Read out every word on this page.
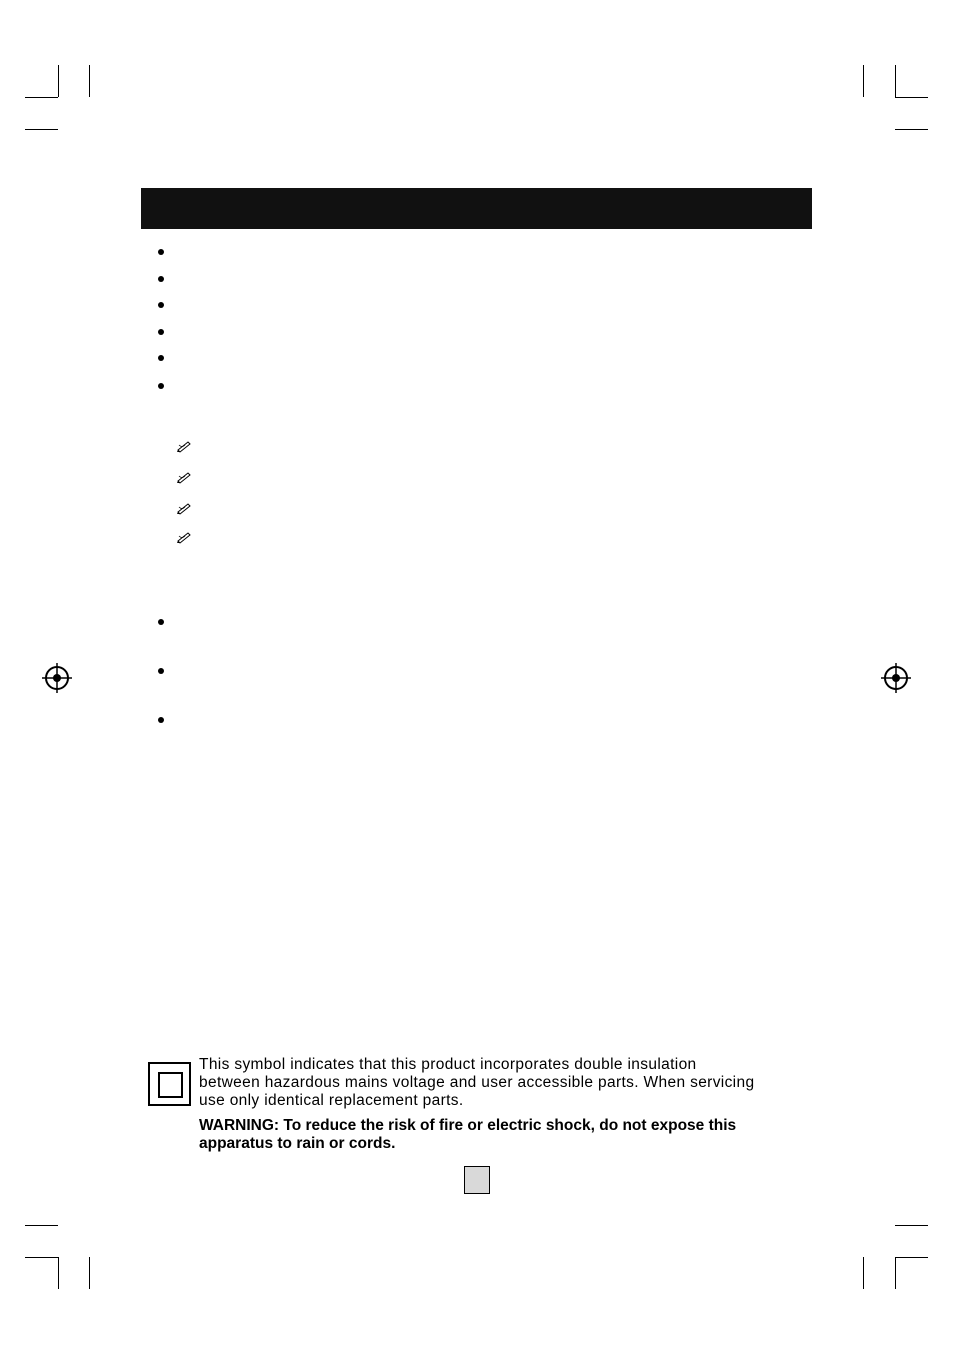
This symbol indicates that this product incorporates double insulation
between hazardous mains voltage and user accessible parts. When servicing
use only identical replacement parts.
WARNING: To reduce the risk of fire or electric shock, do not expose this
apparatus to rain or cords.
